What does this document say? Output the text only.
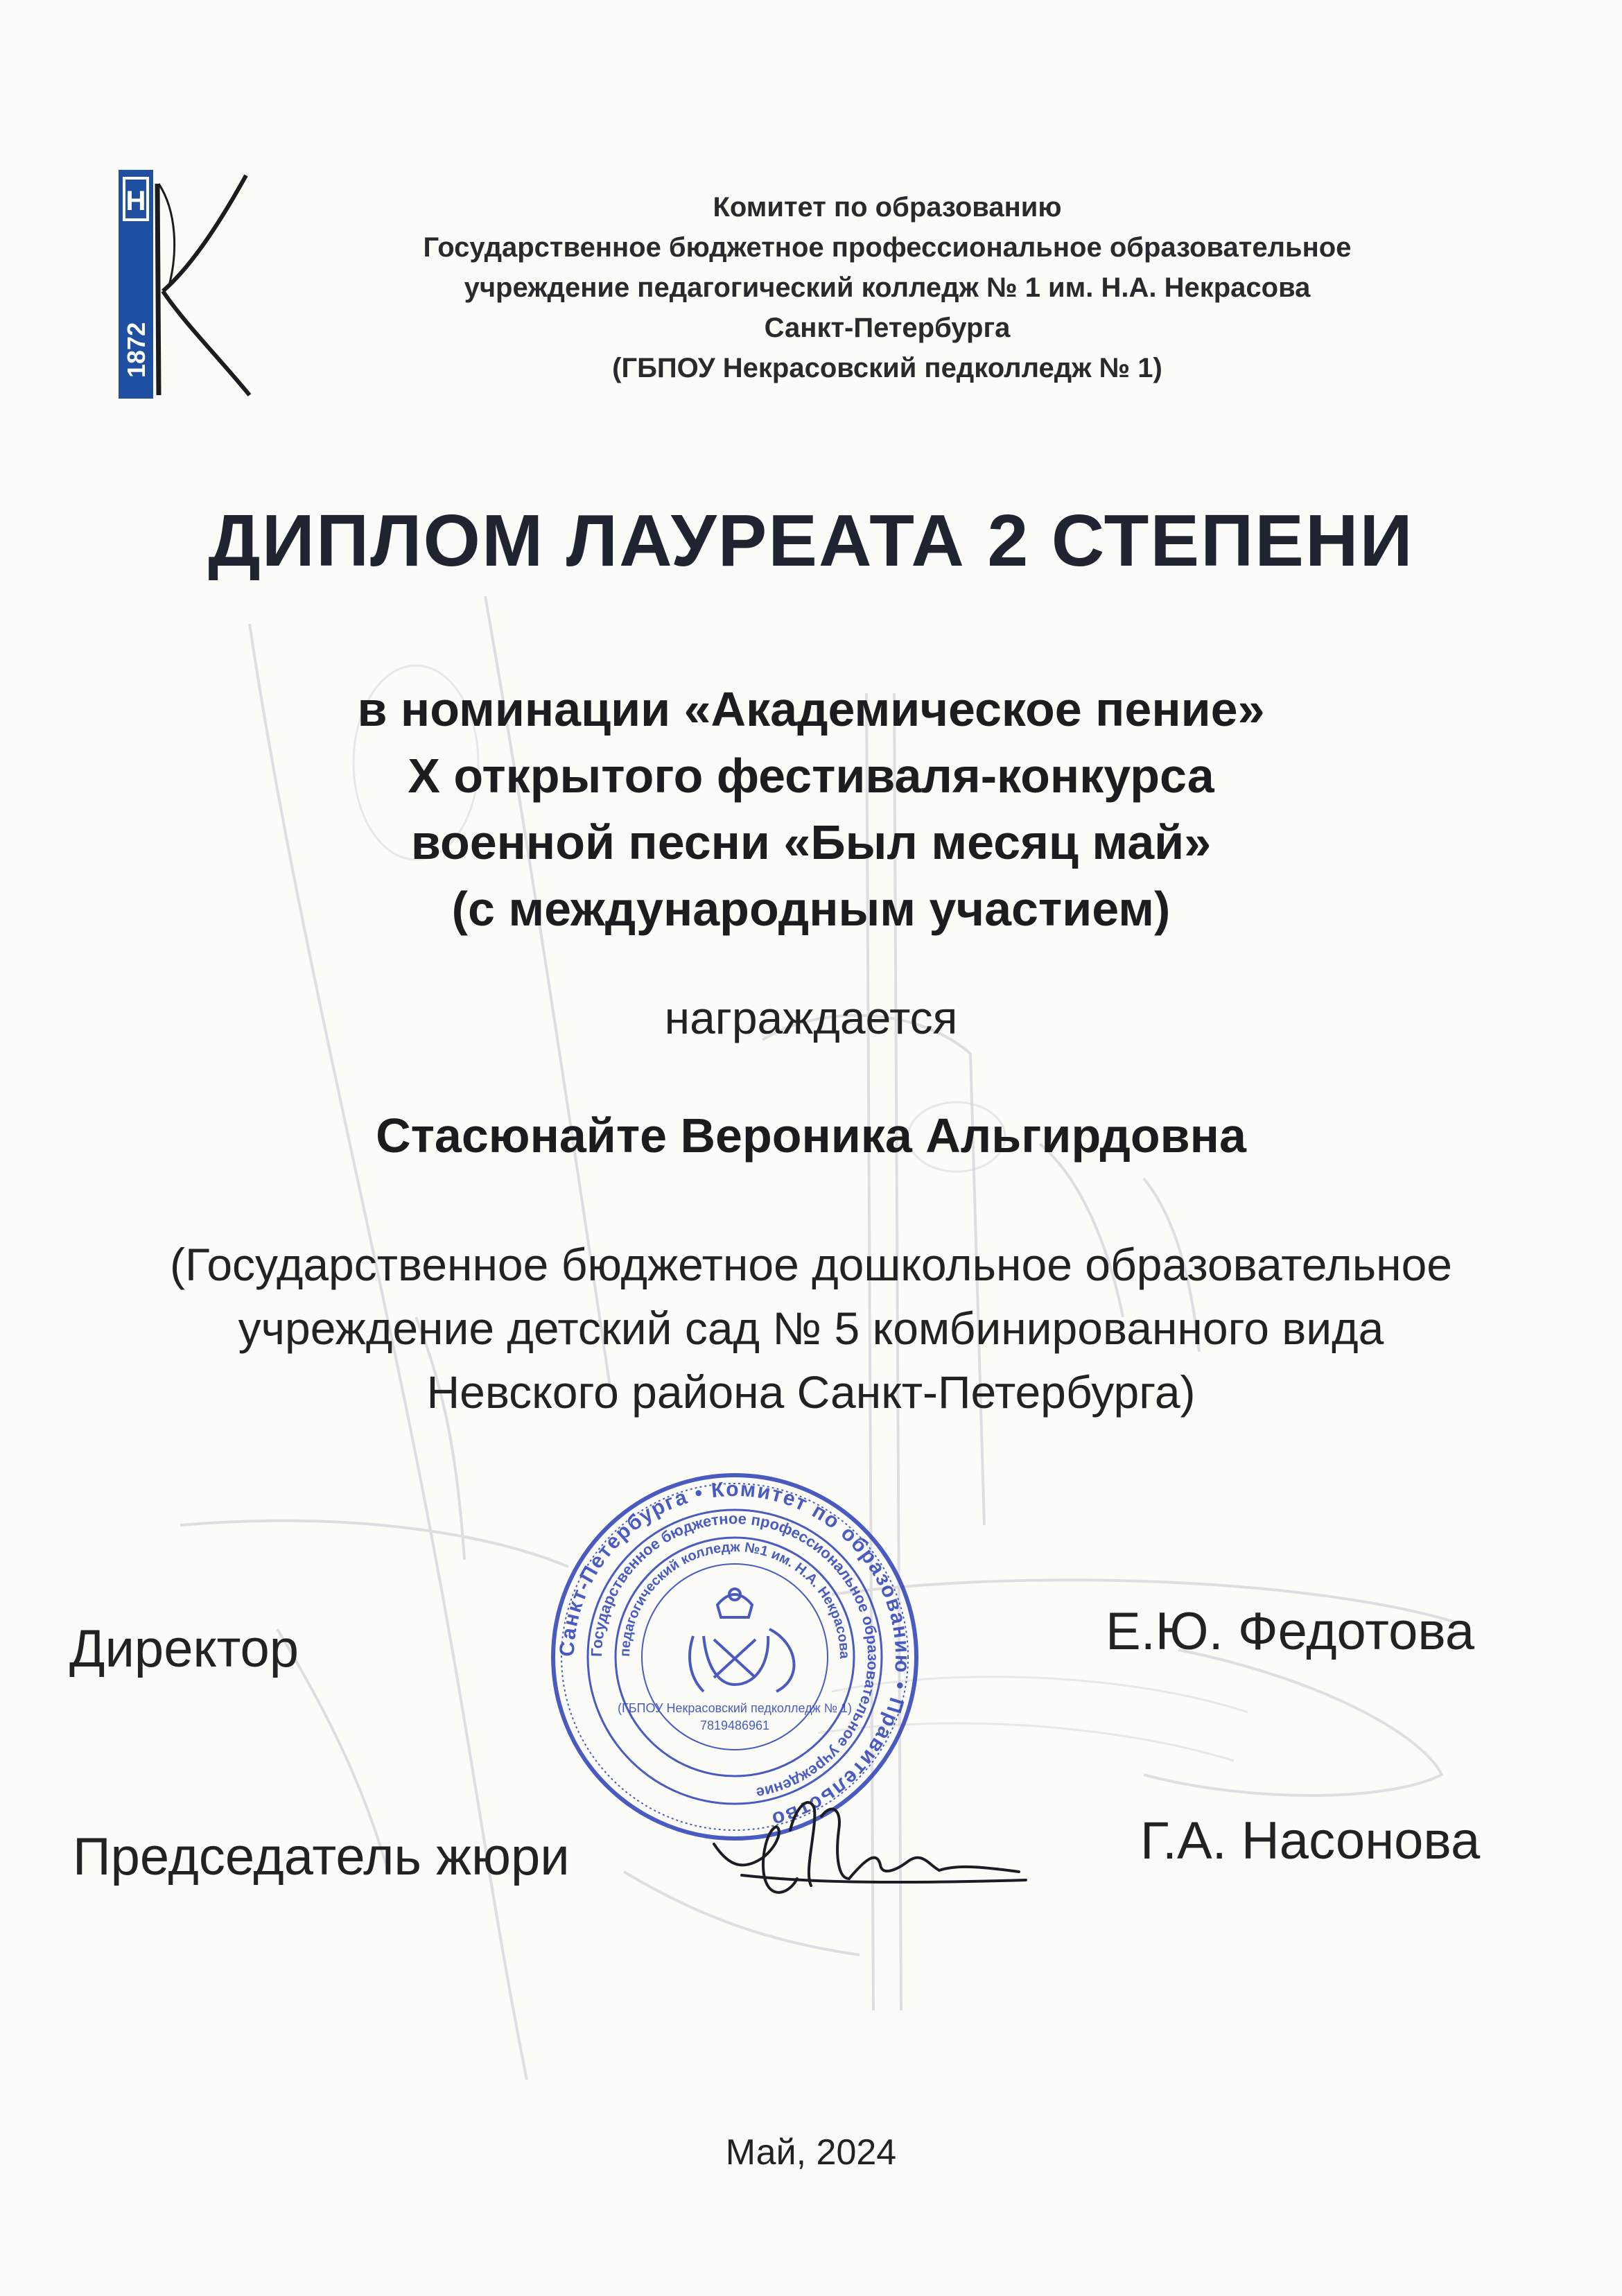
Н
1872
Комитет по образованию
Государственное бюджетное профессиональное образовательное
учреждение педагогический колледж № 1 им. Н.А. Некрасова
Санкт-Петербурга
(ГБПОУ Некрасовский педколледж № 1)
ДИПЛОМ ЛАУРЕАТА 2 СТЕПЕНИ
в номинации «Академическое пение»
X открытого фестиваля-конкурса
военной песни «Был месяц май»
(с международным участием)
награждается
Стасюнайте Вероника Альгирдовна
(Государственное бюджетное дошкольное образовательное
учреждение детский сад № 5 комбинированного вида
Невского района Санкт-Петербурга)
Директор	Е.Ю. Федотова
Председатель жюри	Г.А. Насонова
Санкт-Петербурга • Комитет по образованию • Правительство
Государственное бюджетное профессиональное образовательное учреждение
педагогический колледж №1 им. Н.А. Некрасова
(ГБПОУ Некрасовский педколледж № 1)
7819486961
Май, 2024
